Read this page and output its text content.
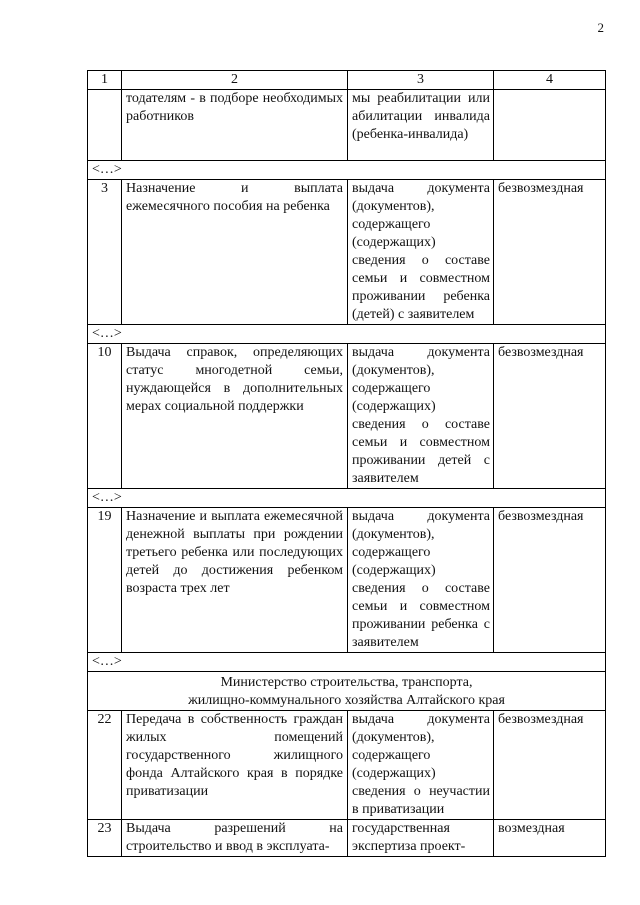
2
1	2	3	4
	тодателям - в подборе необходимых работников	мы реабилитации или абилитации инвалида (ребенка-инвалида)	
<…>			
3	Назначение и выплата ежемесячного пособия на ребенка	выдача документа (документов), содержащего (содержащих) сведения о составе семьи и совместном проживании ребенка (детей) с заявителем	безвозмездная
<…>			
10	Выдача справок, определяющих статус многодетной семьи, нуждающейся в дополнительных мерах социальной поддержки	выдача документа (документов), содержащего (содержащих) сведения о составе семьи и совместном проживании детей с заявителем	безвозмездная
<…>			
19	Назначение и выплата ежемесячной денежной выплаты при рождении третьего ребенка или последующих детей до достижения ребенком возраста трех лет	выдача документа (документов), содержащего (содержащих) сведения о составе семьи и совместном проживании ребенка с заявителем	безвозмездная
<…>			
Министерство строительства, транспорта,
жилищно-коммунального хозяйства Алтайского края			
22	Передача в собственность граждан жилых помещений государственного жилищного фонда Алтайского края в порядке приватизации	выдача документа (документов), содержащего (содержащих) сведения о неучастии в приватизации	безвозмездная
23	Выдача разрешений на строительство и ввод в эксплуата-	государственная экспертиза проект-	возмездная
